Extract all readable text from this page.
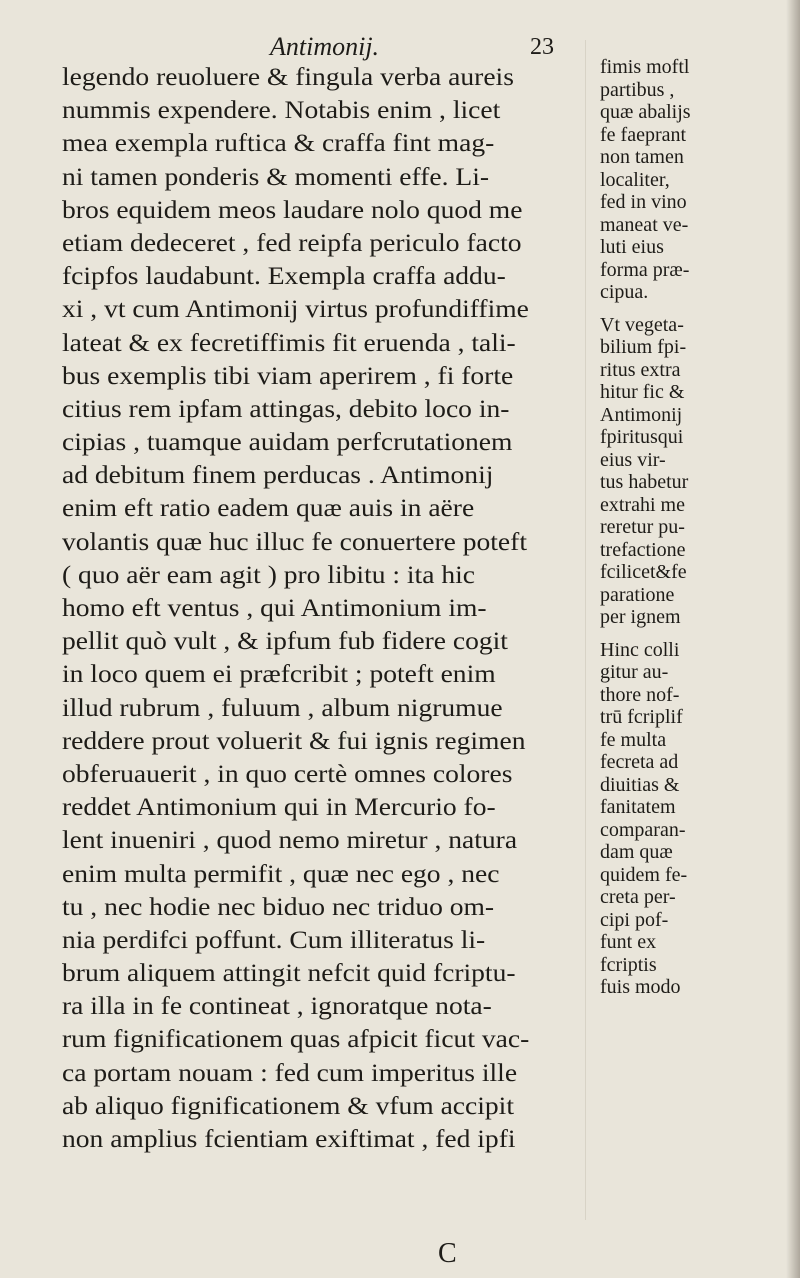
Antimonij.	23
legendo reuoluere & fingula verba aureis
nummis expendere. Notabis enim , licet
mea exempla ruftica & craffa fint mag-
ni tamen ponderis & momenti effe. Li-
bros equidem meos laudare nolo quod me
etiam dedeceret , fed reipfa periculo facto
fcipfos laudabunt. Exempla craffa addu-
xi , vt cum Antimonij virtus profundiffime
lateat & ex fecretiffimis fit eruenda , tali-
bus exemplis tibi viam aperirem , fi forte
citius rem ipfam attingas, debito loco in-
cipias , tuamque auidam perfcrutationem
ad debitum finem perducas . Antimonij
enim eft ratio eadem quæ auis in aëre
volantis quæ huc illuc fe conuertere poteft
( quo aër eam agit ) pro libitu : ita hic
homo eft ventus , qui Antimonium im-
pellit quò vult , & ipfum fub fidere cogit
in loco quem ei præfcribit ; poteft enim
illud rubrum , fuluum , album nigrumue
reddere prout voluerit & fui ignis regimen
obferuauerit , in quo certè omnes colores
reddet Antimonium qui in Mercurio fo-
lent inueniri , quod nemo miretur , natura
enim multa permifit , quæ nec ego , nec
tu , nec hodie nec biduo nec triduo om-
nia perdifci poffunt. Cum illiteratus li-
brum aliquem attingit nefcit quid fcriptu-
ra illa in fe contineat , ignoratque nota-
rum fignificationem quas afpicit ficut vac-
ca portam nouam : fed cum imperitus ille
ab aliquo fignificationem & vfum accipit
non amplius fcientiam exiftimat , fed ipfi
fimis moftl
partibus ,
quæ abalijs
fe faeprant
non tamen
localiter,
fed in vino
maneat ve-
luti eius
forma præ-
cipua.
Vt vegeta-
bilium fpi-
ritus extra
hitur fic &
Antimonij
fpiritusqui
eius vir-
tus habetur
extrahi me
reretur pu-
trefactione
fcilicet&fe
paratione
per ignem
Hinc colli
gitur au-
thore nof-
trū fcriplif
fe multa
fecreta ad
diuitias &
fanitatem
comparan-
dam quæ
quidem fe-
creta per-
cipi pof-
funt ex
fcriptis
fuis modo
C
